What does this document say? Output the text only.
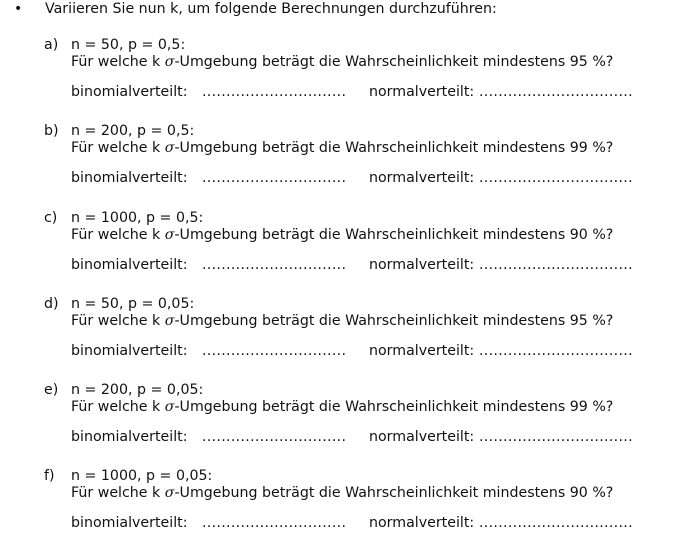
•	Variieren Sie nun k, um folgende Berechnungen durchzuführen:
a) n = 50, p = 0,5:
Für welche k σ-Umgebung beträgt die Wahrscheinlichkeit mindestens 95 %?
binomialverteilt: .............................. normalverteilt: ................................
b) n = 200, p = 0,5:
Für welche k σ-Umgebung beträgt die Wahrscheinlichkeit mindestens 99 %?
binomialverteilt: .............................. normalverteilt: ................................
c) n = 1000, p = 0,5:
Für welche k σ-Umgebung beträgt die Wahrscheinlichkeit mindestens 90 %?
binomialverteilt: .............................. normalverteilt: ................................
d) n = 50, p = 0,05:
Für welche k σ-Umgebung beträgt die Wahrscheinlichkeit mindestens 95 %?
binomialverteilt: .............................. normalverteilt: ................................
e) n = 200, p = 0,05:
Für welche k σ-Umgebung beträgt die Wahrscheinlichkeit mindestens 99 %?
binomialverteilt: .............................. normalverteilt: ................................
f) n = 1000, p = 0,05:
Für welche k σ-Umgebung beträgt die Wahrscheinlichkeit mindestens 90 %?
binomialverteilt: .............................. normalverteilt: ................................
